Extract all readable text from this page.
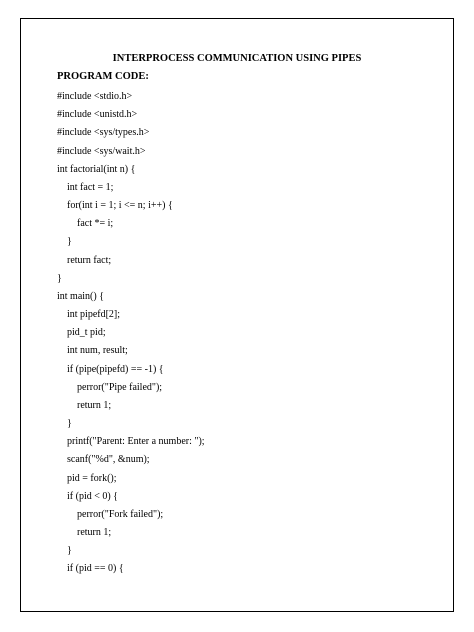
INTERPROCESS COMMUNICATION USING PIPES
PROGRAM CODE:
#include <stdio.h>
#include <unistd.h>
#include <sys/types.h>
#include <sys/wait.h>
int factorial(int n) {
int fact = 1;
for(int i = 1; i <= n; i++) {
fact *= i;
}
return fact;
}
int main() {
int pipefd[2];
pid_t pid;
int num, result;
if (pipe(pipefd) == -1) {
perror("Pipe failed");
return 1;
}
printf("Parent: Enter a number: ");
scanf("%d", &num);
pid = fork();
if (pid < 0) {
perror("Fork failed");
return 1;
}
if (pid == 0) {
